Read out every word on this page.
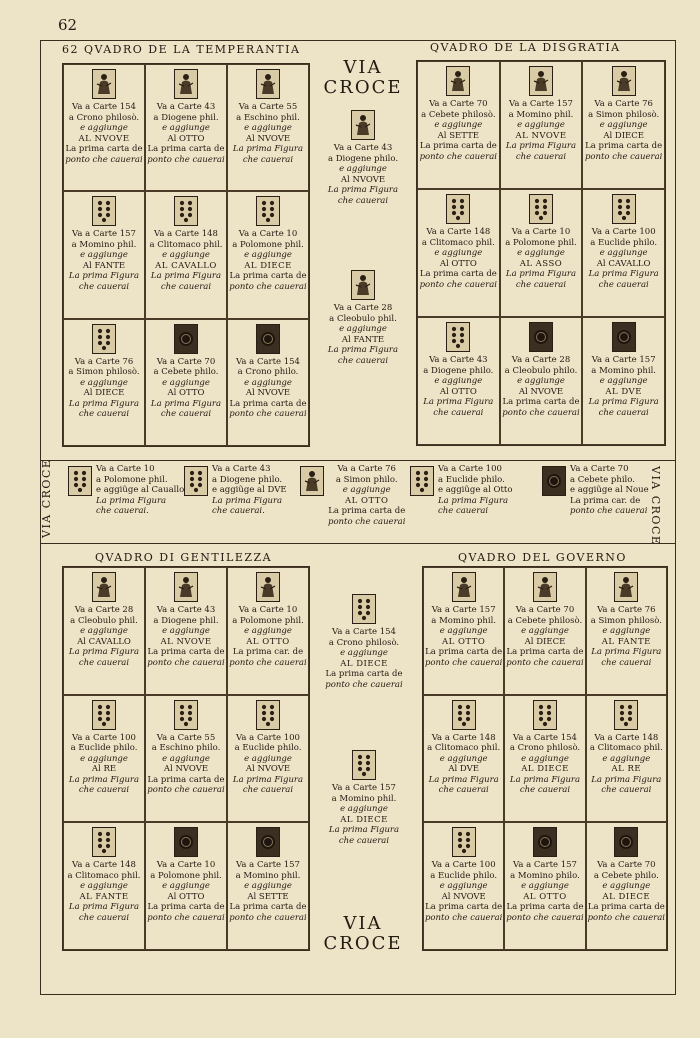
62
62 QVADRO DE LA TEMPERANTIA	QVADRO DE LA DISGRATIA
QVADRO DI GENTILEZZA	QVADRO DEL GOVERNO
Va a Carte 154
a Crono philosò.
e aggiunge
AL NVOVE
La prima carta de
ponto che cauerai
Va a Carte 43
a Diogene phil.
e aggiunge
Al OTTO
La prima carta de
ponto che cauerai
Va a Carte 55
a Eschino phil.
e aggiunge
Al NVOVE
La prima Figura
che cauerai
Va a Carte 157
a Momino phil.
e aggiunge
Al FANTE
La prima Figura
che cauerai
Va a Carte 148
a Clitomaco phil.
e aggiunge
AL CAVALLO
La prima Figura
che cauerai
Va a Carte 10
a Polomone phil.
e aggiunge
AL DIECE
La prima carta de
ponto che cauerai
Va a Carte 76
a Simon philosò.
e aggiunge
Al DIECE
La prima Figura
che cauerai
Va a Carte 70
a Cebete philo.
e aggiunge
Al OTTO
La prima Figura
che cauerai
Va a Carte 154
a Crono philo.
e aggiunge
Al NVOVE
La prima carta de
ponto che cauerai
Va a Carte 70
a Cebete philosò.
e aggiunge
Al SETTE
La prima carta de
ponto che cauerai
Va a Carte 157
a Momino phil.
e aggiunge
AL NVOVE
La prima Figura
che cauerai
Va a Carte 76
a Simon philosò.
e aggiunge
Al DIECE
La prima carta de
ponto che cauerai
Va a Carte 148
a Clitomaco phil.
e aggiunge
Al OTTO
La prima carta de
ponto che cauerai
Va a Carte 10
a Polomone phil.
e aggiunge
AL ASSO
La prima Figura
che cauerai
Va a Carte 100
a Euclide philo.
e aggiunge
Al CAVALLO
La prima Figura
che cauerai
Va a Carte 43
a Diogene philo.
e aggiunge
Al OTTO
La prima Figura
che cauerai
Va a Carte 28
a Cleobulo philo.
e aggiunge
Al NVOVE
La prima carta de
ponto che cauerai
Va a Carte 157
a Momino phil.
e aggiunge
AL DVE
La prima Figura
che cauerai
Va a Carte 28
a Cleobulo phil.
e aggiunge
Al CAVALLO
La prima Figura
che cauerai
Va a Carte 43
a Diogene phil.
e aggiunge
AL NVOVE
La prima carta de
ponto che cauerai
Va a Carte 10
a Polomone phil.
e aggiunge
AL OTTO
La prima car. de
ponto che cauerai
Va a Carte 100
a Euclide philo.
e aggiunge
Al RE
La prima Figura
che cauerai
Va a Carte 55
a Eschino philo.
e aggiunge
Al NVOVE
La prima carta de
ponto che cauerai
Va a Carte 100
a Euclide philo.
e aggiunge
Al NVOVE
La prima Figura
che cauerai
Va a Carte 148
a Clitomaco phil.
e aggiunge
AL FANTE
La prima Figura
che cauerai
Va a Carte 10
a Polomone phil.
e aggiunge
Al OTTO
La prima carta de
ponto che cauerai
Va a Carte 157
a Momino phil.
e aggiunge
Al SETTE
La prima carta de
ponto che cauerai
Va a Carte 157
a Momino phil.
e aggiunge
AL OTTO
La prima carta de
ponto che cauerai
Va a Carte 70
a Cebete philosò.
e aggiunge
Al DIECE
La prima carta de
ponto che cauerai
Va a Carte 76
a Simon philosò.
e aggiunge
AL FANTE
La prima Figura
che cauerai
Va a Carte 148
a Clitomaco phil.
e aggiunge
Al DVE
La prima Figura
che cauerai
Va a Carte 154
a Crono philosò.
e aggiunge
AL DIECE
La prima Figura
che cauerai
Va a Carte 148
a Clitomaco phil.
e aggiunge
AL RE
La prima Figura
che cauerai
Va a Carte 100
a Euclide philo.
e aggiunge
Al NVOVE
La prima carta de
ponto che cauerai
Va a Carte 157
a Momino philo.
e aggiunge
AL OTTO
La prima carta de
ponto che cauerai
Va a Carte 70
a Cebete philo.
e aggiunge
AL DIECE
La prima carta de
ponto che cauerai
VIA
CROCE
Va a Carte 43
a Diogene philo.
e aggiunge
Al NVOVE
La prima Figura
che cauerai
Va a Carte 28
a Cleobulo phil.
e aggiunge
Al FANTE
La prima Figura
che cauerai
VIA CROCE	VIA CROCE
Va a Carte 10
a Polomone phil.
e aggiũge al Cauallo
La prima Figura
che cauerai.
Va a Carte 43
a Diogene philo.
e aggiũge al DVE
La prima Figura
che cauerai.
Va a Carte 76
a Simon philo.
e aggiunge
AL OTTO
La prima carta de
ponto che cauerai
Va a Carte 100
a Euclide philo.
e aggiũge al Otto
La prima Figura
che cauerai
Va a Carte 70
a Cebete philo.
e aggiũge al Noue
La prima car. de
ponto che cauerai
Va a Carte 154
a Crono philosò.
e aggiunge
AL DIECE
La prima carta de
ponto che cauerai
Va a Carte 157
a Momino phil.
e aggiunge
AL DIECE
La prima Figura
che cauerai
VIA
CROCE
